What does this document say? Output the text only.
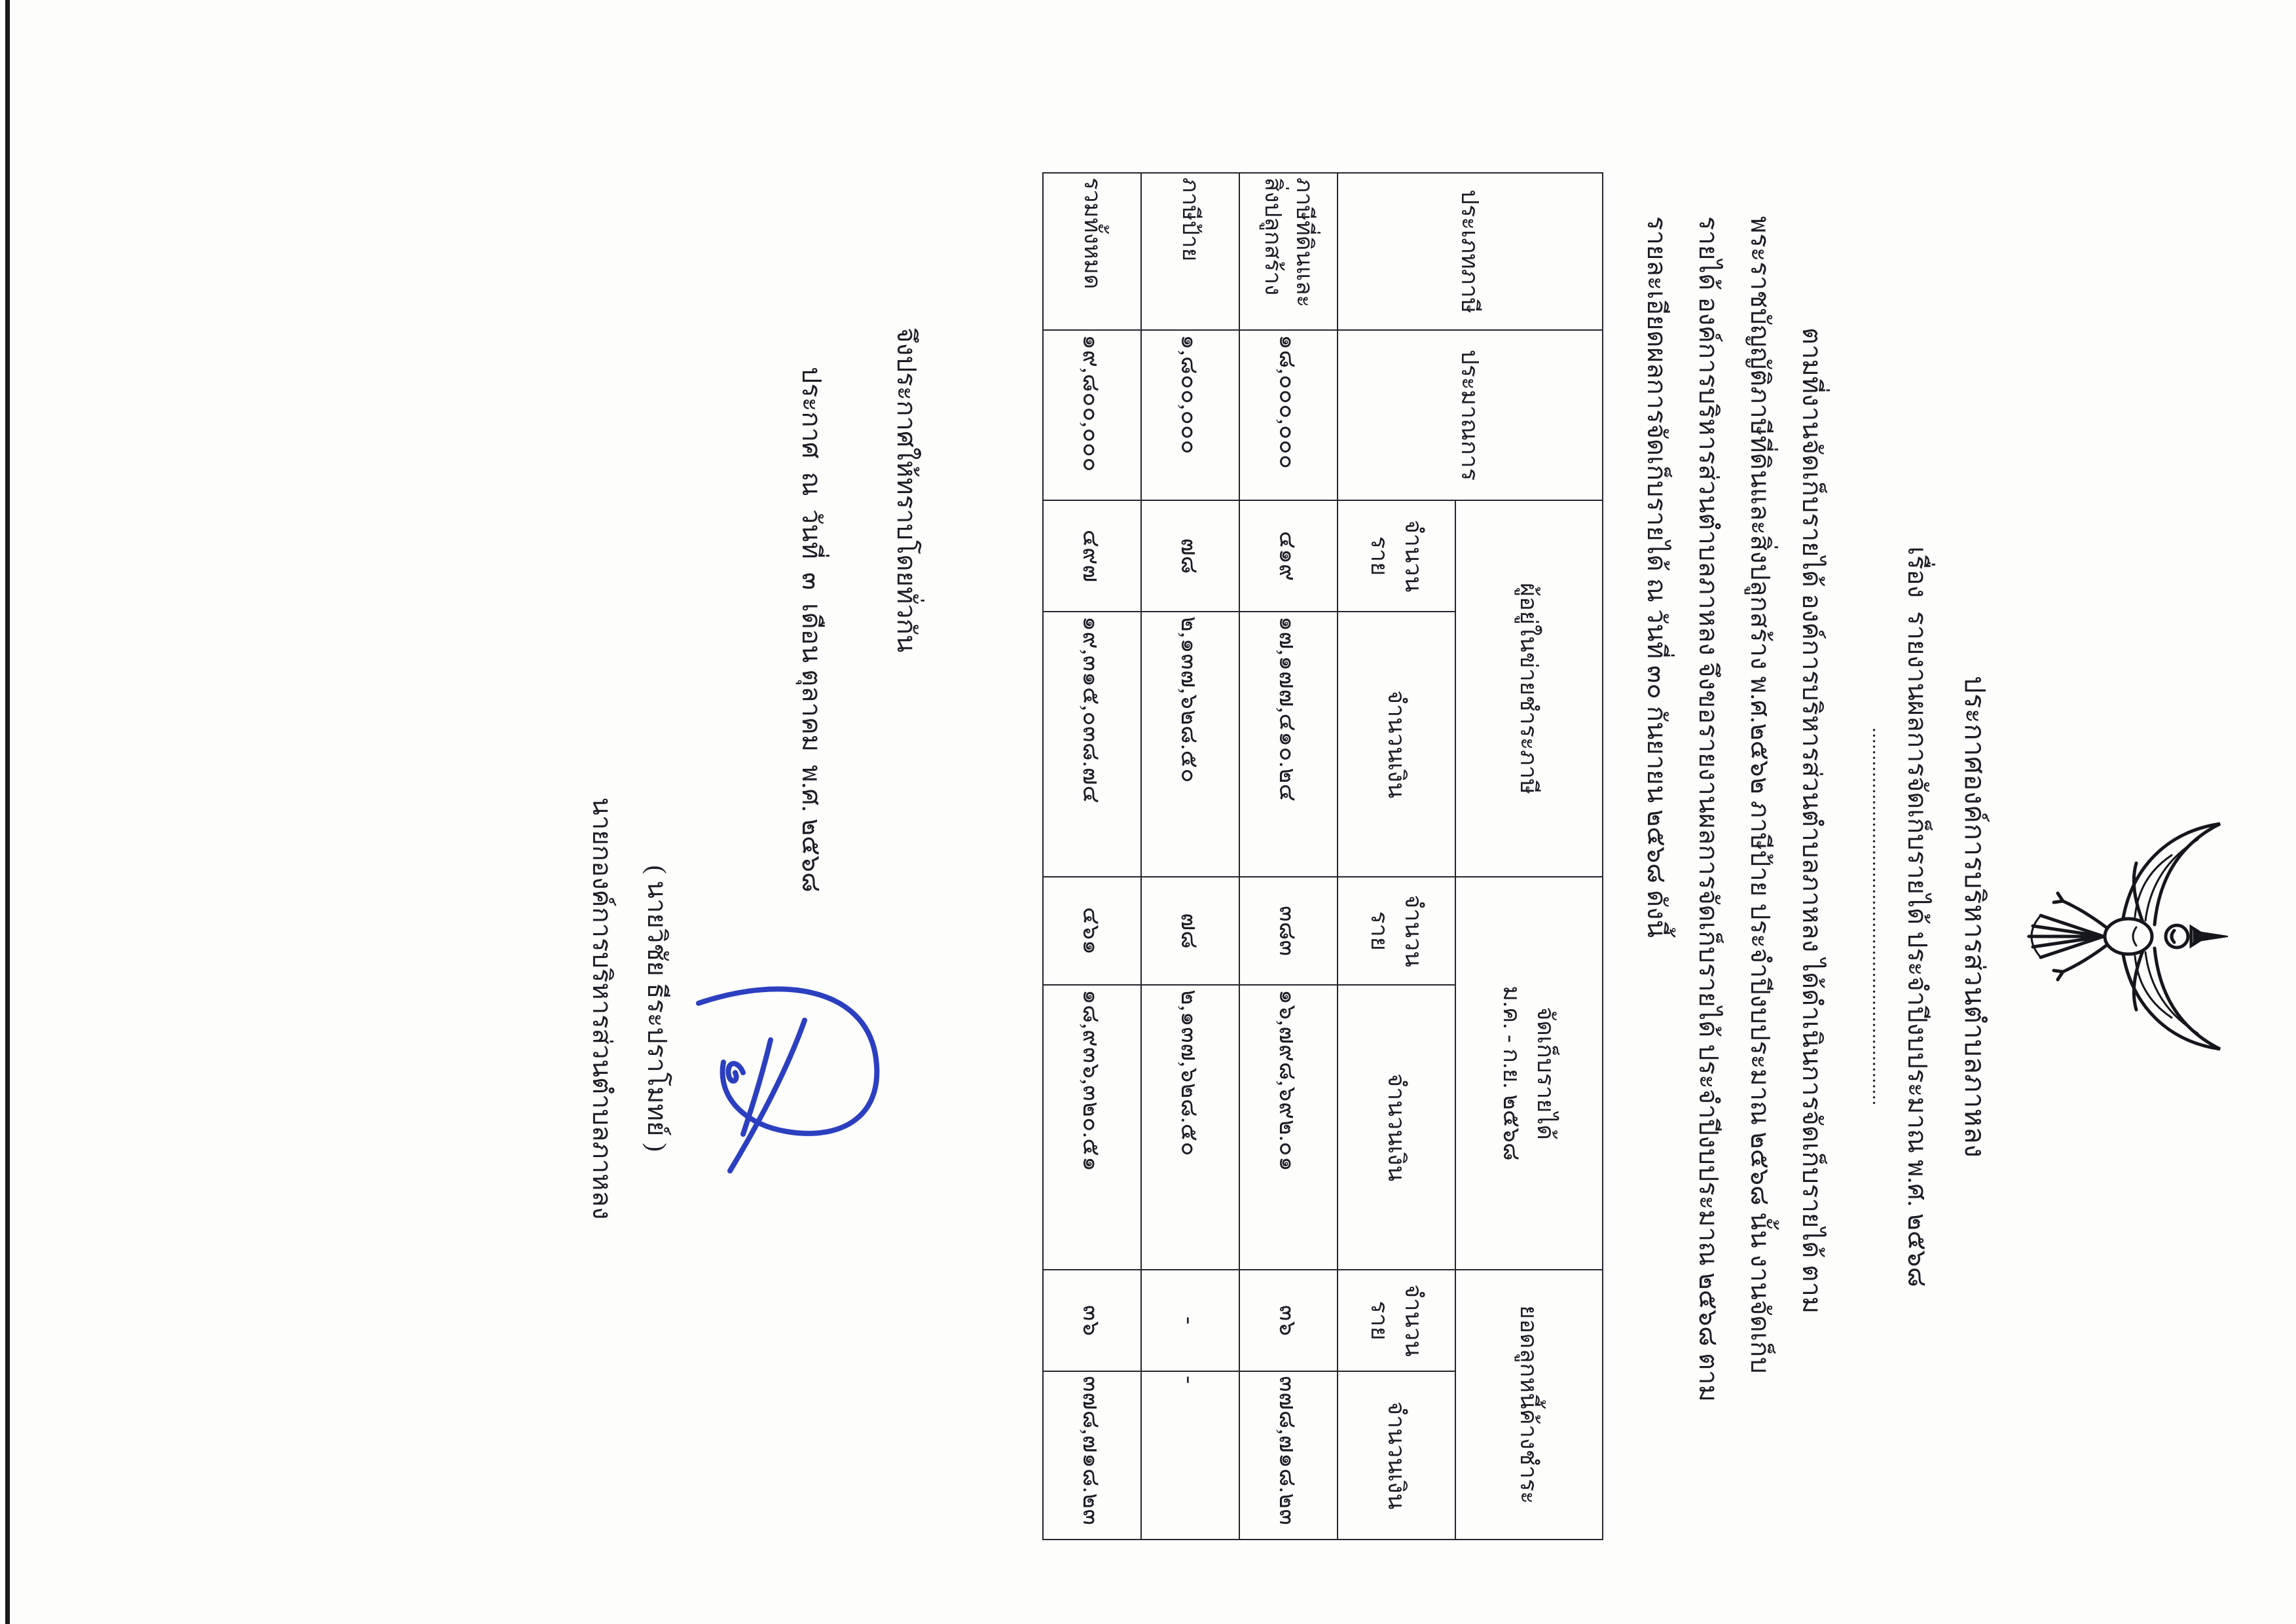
ประกาศองค์การบริหารส่วนตำบลภาหลง
เรื่อง  รายงานผลการจัดเก็บรายได้ ประจำปีงบประมาณ พ.ศ. ๒๕๖๘
....................................................................
ตามที่งานจัดเก็บรายได้ องค์การบริหารส่วนตำบลภาหลง ได้ดำเนินการจัดเก็บรายได้ ตาม
พระราชบัญญัติภาษีที่ดินและสิ่งปลูกสร้าง พ.ศ.๒๕๖๒ ภาษีป้าย ประจำปีงบประมาณ ๒๕๖๘ นั้น งานจัดเก็บ
รายได้ องค์การบริหารส่วนตำบลภาหลง จึงขอรายงานผลการจัดเก็บรายได้ ประจำปีงบประมาณ ๒๕๖๘ ตาม
รายละเอียดผลการจัดเก็บรายได้ ณ วันที่ ๓๐ กันยายน ๒๕๖๘ ดังนี้
ประเภทภาษี	ประมาณการ	ผู้อยู่ในข่ายชำระภาษี		จัดเก็บรายได้
ม.ค. - ก.ย. ๒๕๖๘		ยอดลูกหนี้ค้างชำระ	
		จำนวนราย	จำนวนเงิน	จำนวนราย	จำนวนเงิน	จำนวนราย	จำนวนเงิน
ภาษีที่ดินและสิ่งปลูกสร้าง	๑๘,๐๐๐,๐๐๐	๔๑๙	๑๗,๑๗๗,๔๑๐.๒๔	๓๘๓	๑๖,๗๙๘,๖๙๒.๐๑	๓๖	๓๗๘,๗๑๘.๒๓
ภาษีป้าย	๑,๘๐๐,๐๐๐	๗๘	๒,๑๓๗,๖๒๘.๕๐	๗๘	๒,๑๓๗,๖๒๘.๕๐	-	-
รวมทั้งหมด	๑๙,๘๐๐,๐๐๐	๔๙๗	๑๙,๓๑๕,๐๓๘.๗๔	๔๖๑	๑๘,๙๓๖,๓๒๐.๕๑	๓๖	๓๗๘,๗๑๘.๒๓
จึงประกาศให้ทราบโดยทั่วกัน
ประกาศ  ณ  วันที่  ๓  เดือน ตุลาคม  พ.ศ. ๒๕๖๘
( นายวิชัย ธีระปราโมทย์ )
นายกองค์การบริหารส่วนตำบลภาหลง
